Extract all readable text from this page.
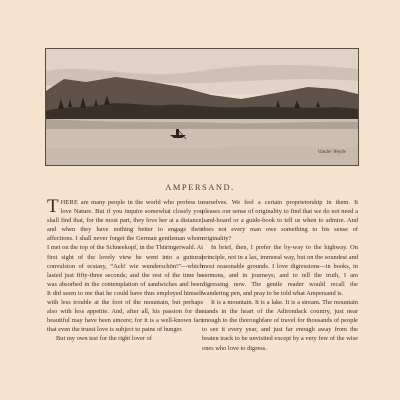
Vander Weyde
AMPERSAND.

THERE are many people in the world who profess to love Nature. But if you inquire somewhat closely you shall find that, for the most part, they love her at a distance, and when they have nothing better to engage their affections. I shall never forget the German gentleman whom I met on the top of the Schneekopf, in the Thüringerwald. At first sight of the lovely view he went into a guttural convulsion of ecstasy, “Ach! wie wunderschön!”—which lasted just fifty-three seconds; and the rest of the time he was absorbed in the contemplation of sandwiches and beer. It did seem to me that he could have thus employed himself with less trouble at the foot of the mountain, but perhaps also with less appetite. And, after all, his passion for the beautiful may have been sincere; for it is a well-known fact that even the truest love is subject to pains of hunger.

But my own test for the right lover of

ourselves. We feel a certain proprietorship in them. It pleases our sense of originality to find that we do not need a hand-board or a guide-book to tell us when to admire. And does not every man owe something to his sense of originality?

In brief, then, I prefer the by-way to the highway. On principle, not in a lax, immoral way, but on the soundest and most reasonable grounds. I love digressions—in books, in sermons, and in journeys; and to tell the truth, I am digressing now. The gentle reader would recall the wandering pen, and pray to be told what Ampersand is.

It is a mountain. It is a lake. It is a stream. The mountain stands in the heart of the Adirondack country, just near enough to the thoroughfare of travel for thousands of people to see it every year, and just far enough away from the beaten track to be unvisited except by a very few of the wise ones who love to digress.
